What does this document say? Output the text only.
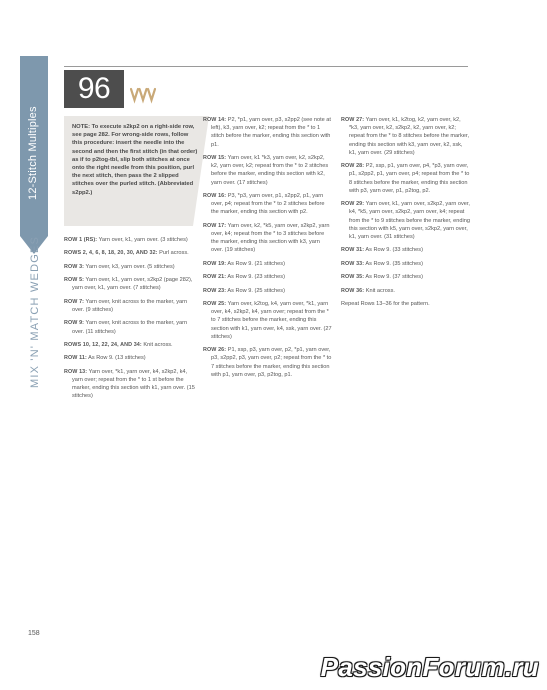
12-Stitch Multiples
MIX 'N' MATCH WEDGES
96
NOTE: To execute s2kp2 on a right-side row, see page 282. For wrong-side rows, follow this procedure: insert the needle into the second and then the first stitch (in that order) as if to p2tog-tbl, slip both stitches at once onto the right needle from this position, purl the next stitch, then pass the 2 slipped stitches over the purled stitch. (Abbreviated s2pp2.)

ROW 1 (RS): Yarn over, k1, yarn over. (3 stitches)

ROWS 2, 4, 6, 8, 18, 20, 30, AND 32: Purl across.

ROW 3: Yarn over, k3, yarn over. (5 stitches)

ROW 5: Yarn over, k1, yarn over, s2kp2 (page 282), yarn over, k1, yarn over. (7 stitches)

ROW 7: Yarn over, knit across to the marker, yarn over. (9 stitches)

ROW 9: Yarn over, knit across to the marker, yarn over. (11 stitches)

ROWS 10, 12, 22, 24, AND 34: Knit across.

ROW 11: As Row 9. (13 stitches)

ROW 13: Yarn over, *k1, yarn over, k4, s2kp2, k4, yarn over; repeat from the * to 1 st before the marker, ending this section with k1, yarn over. (15 stitches)

ROW 14: P2, *p1, yarn over, p3, s2pp2 (see note at left), k3, yarn over, k2; repeat from the * to 1 stitch before the marker, ending this section with p1.

ROW 15: Yarn over, k1 *k3, yarn over, k2, s2kp2, k2, yarn over, k2; repeat from the * to 2 stitches before the marker, ending this section with k2, yarn over. (17 stitches)

ROW 16: P3, *p3, yarn over, p1, s2pp2, p1, yarn over, p4; repeat from the * to 2 stitches before the marker, ending this section with p2.

ROW 17: Yarn over, k2, *k5, yarn over, s2kp2, yarn over, k4; repeat from the * to 3 stitches before the marker, ending this section with k3, yarn over. (19 stitches)

ROW 19: As Row 9. (21 stitches)

ROW 21: As Row 9. (23 stitches)

ROW 23: As Row 9. (25 stitches)

ROW 25: Yarn over, k2tog, k4, yarn over, *k1, yarn over, k4, s2kp2, k4, yarn over; repeat from the * to 7 stitches before the marker, ending this section with k1, yarn over, k4, ssk, yarn over. (27 stitches)

ROW 26: P1, ssp, p3, yarn over, p2, *p1, yarn over, p3, s2pp2, p3, yarn over, p2; repeat from the * to 7 stitches before the marker, ending this section with p1, yarn over, p3, p2tog, p1.

ROW 27: Yarn over, k1, k2tog, k2, yarn over, k2, *k3, yarn over, k2, s2kp2, k2, yarn over, k2; repeat from the * to 8 stitches before the marker, ending this section with k3, yarn over, k2, ssk, k1, yarn over. (29 stitches)

ROW 28: P2, ssp, p1, yarn over, p4, *p3, yarn over, p1, s2pp2, p1, yarn over, p4; repeat from the * to 8 stitches before the marker, ending this section with p3, yarn over, p1, p2tog, p2.

ROW 29: Yarn over, k1, yarn over, s2kp2, yarn over, k4, *k5, yarn over, s2kp2, yarn over, k4; repeat from the * to 9 stitches before the marker, ending this section with k5, yarn over, s2kp2, yarn over, k1, yarn over. (31 stitches)

ROW 31: As Row 9. (33 stitches)

ROW 33: As Row 9. (35 stitches)

ROW 35: As Row 9. (37 stitches)

ROW 36: Knit across.

Repeat Rows 13–36 for the pattern.

158
PassionForum.ru
